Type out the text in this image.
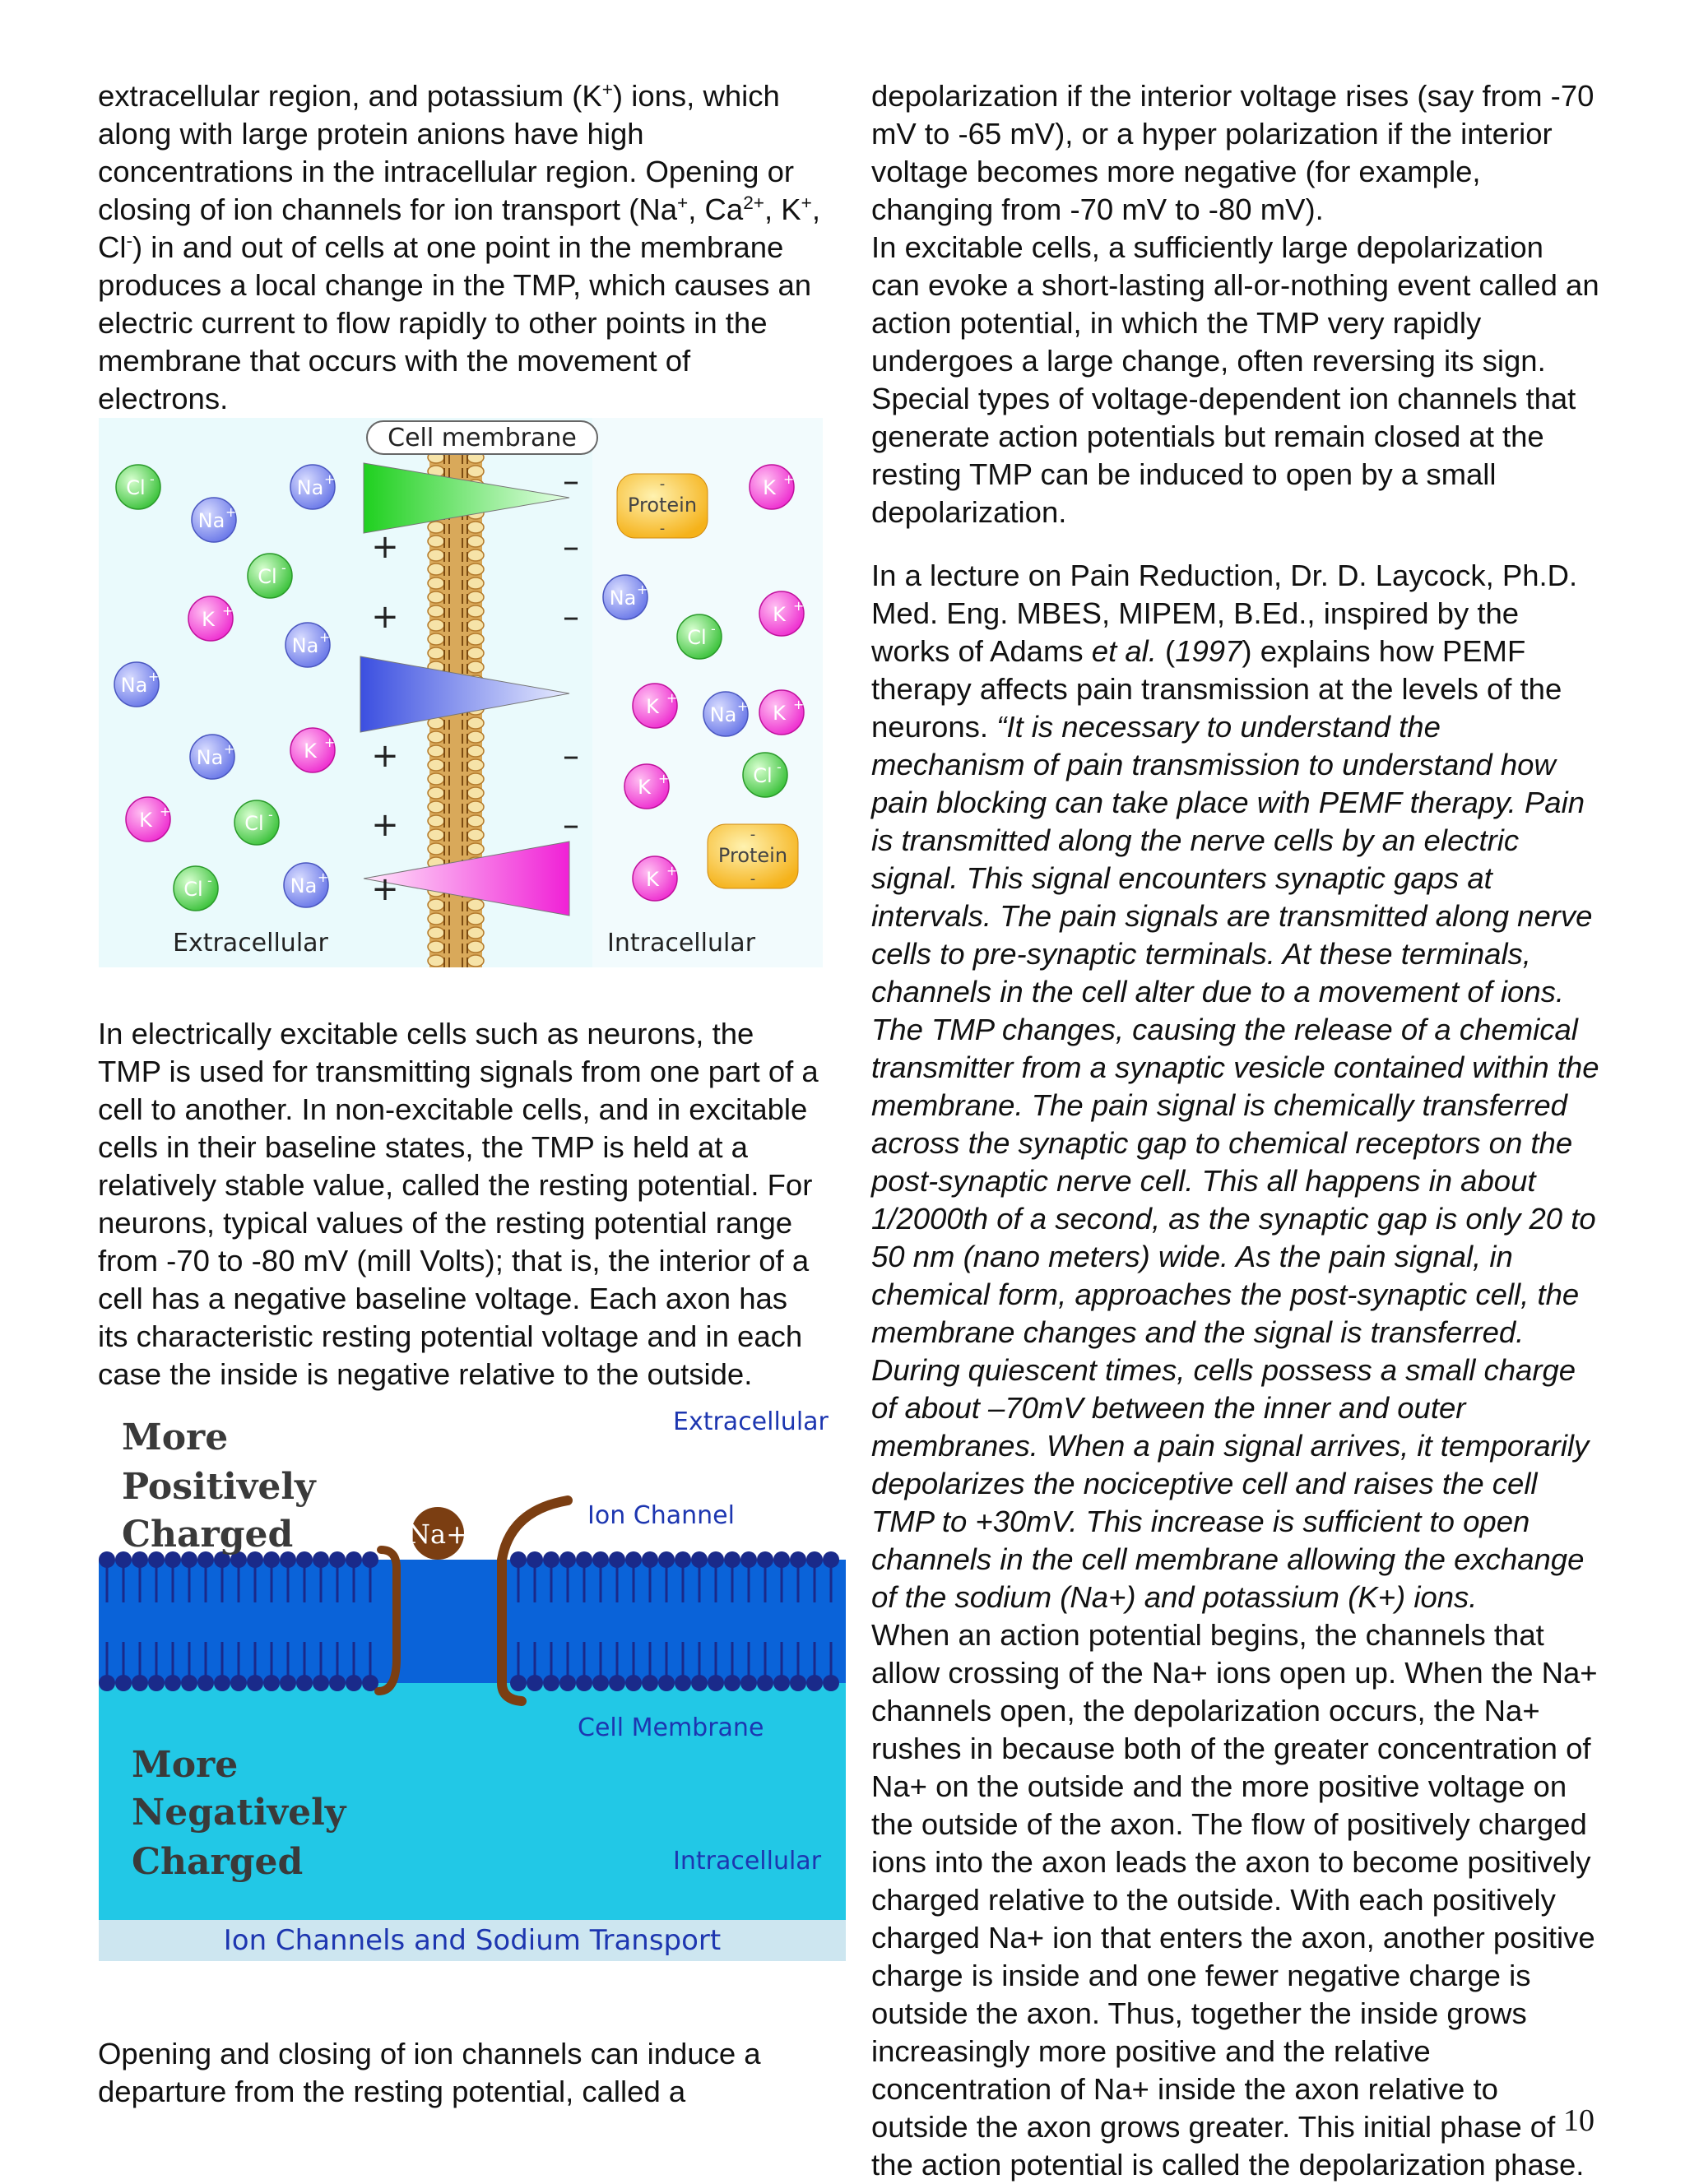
extracellular region, and potassium (K+) ions, which along with large protein anions have high concentrations in the intracellular region. Opening or closing of ion channels for ion transport (Na+, $Ca^{2+}$, K+, Cl-) in and out of cells at one point in the membrane produces a local change in the TMP, which causes an electric current to flow rapidly to other points in the membrane that occurs with the movement of electrons.

In electrically excitable cells such as neurons, the TMP is used for transmitting signals from one part of a cell to another. In non-excitable cells, and in excitable cells in their baseline states, the TMP is held at a relatively stable value, called the resting potential. For neurons, typical values of the resting potential range from -70 to -80 mV (mill Volts); that is, the interior of a cell has a negative baseline voltage. Each axon has its characteristic resting potential voltage and in each case the inside is negative relative to the outside.

Opening and closing of ion channels can induce a departure from the resting potential, called a

depolarization if the interior voltage rises (say from -70 mV to -65 mV), or a hyper polarization if the interior voltage becomes more negative (for example, changing from -70 mV to -80 mV).

In excitable cells, a sufficiently large depolarization can evoke a short-lasting all-or-nothing event called an action potential, in which the TMP very rapidly undergoes a large change, often reversing its sign. Special types of voltage-dependent ion channels that generate action potentials but remain closed at the resting TMP can be induced to open by a small depolarization.

In a lecture on Pain Reduction, Dr. D. Laycock, Ph.D. Med. Eng. MBES, MIPEM, B.Ed., inspired by the works of Adams et al. (1997) explains how PEMF therapy affects pain transmission at the levels of the neurons. “It is necessary to understand the mechanism of pain transmission to understand how pain blocking can take place with PEMF therapy. Pain is transmitted along the nerve cells by an electric signal. This signal encounters synaptic gaps at intervals. The pain signals are transmitted along nerve cells to pre-synaptic terminals. At these terminals, channels in the cell alter due to a movement of ions. The TMP changes, causing the release of a chemical transmitter from a synaptic vesicle contained within the membrane. The pain signal is chemically transferred across the synaptic gap to chemical receptors on the post-synaptic nerve cell. This all happens in about 1/2000th of a second, as the synaptic gap is only 20 to 50 nm (nano meters) wide. As the pain signal, in chemical form, approaches the post-synaptic cell, the membrane changes and the signal is transferred. During quiescent times, cells possess a small charge of about –70mV between the inner and outer membranes. When a pain signal arrives, it temporarily depolarizes the nociceptive cell and raises the cell TMP to +30mV. This increase is sufficient to open channels in the cell membrane allowing the exchange of the sodium (Na+) and potassium (K+) ions.

When an action potential begins, the channels that allow crossing of the Na+ ions open up. When the Na+ channels open, the depolarization occurs, the Na+ rushes in because both of the greater concentration of Na+ on the outside and the more positive voltage on the outside of the axon. The flow of positively charged ions into the axon leads the axon to become positively charged relative to the outside. With each positively charged Na+ ion that enters the axon, another positive charge is inside and one fewer negative charge is outside the axon. Thus, together the inside grows increasingly more positive and the relative concentration of Na+ inside the axon relative to outside the axon grows greater. This initial phase of the action potential is called the depolarization phase.

+
+
+
+
+
–
–
–
–
–
Cell membrane
Cl -	Na +
Na +
K +
Cl -
K +
Na +
Na +
Na +
Cl -
K +
K +
Na + K +
Na +	K +
K +	Cl -
K +
Cl -
Cl -	Na +	K +
Protein
-
-
Protein
-
-
Extracellular	Intracellular
Na+
More
Positively
Charged
More
Negatively
Charged
Extracellular
Ion Channel
Cell Membrane
Intracellular
Ion Channels and Sodium Transport
10
